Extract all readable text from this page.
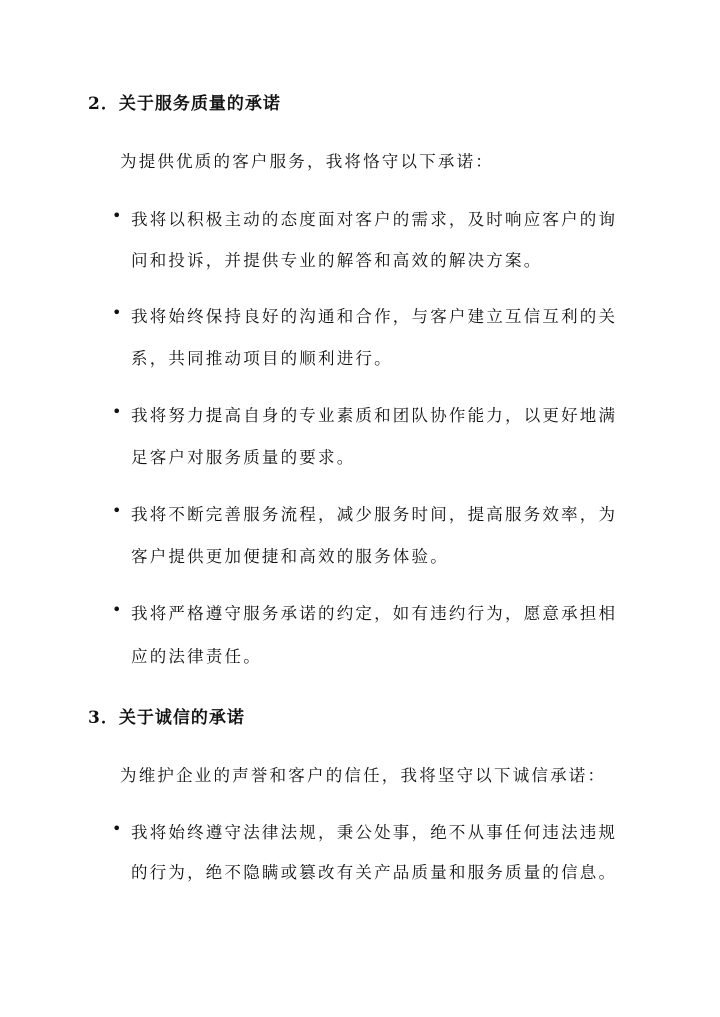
2．关于服务质量的承诺
为提供优质的客户服务，我将恪守以下承诺：
• 我将以积极主动的态度面对客户的需求，及时响应客户的询
问和投诉，并提供专业的解答和高效的解决方案。
• 我将始终保持良好的沟通和合作，与客户建立互信互利的关
系，共同推动项目的顺利进行。
• 我将努力提高自身的专业素质和团队协作能力，以更好地满
足客户对服务质量的要求。
• 我将不断完善服务流程，减少服务时间，提高服务效率，为
客户提供更加便捷和高效的服务体验。
• 我将严格遵守服务承诺的约定，如有违约行为，愿意承担相
应的法律责任。
3．关于诚信的承诺
为维护企业的声誉和客户的信任，我将坚守以下诚信承诺：
• 我将始终遵守法律法规，秉公处事，绝不从事任何违法违规
的行为，绝不隐瞒或篡改有关产品质量和服务质量的信息。
